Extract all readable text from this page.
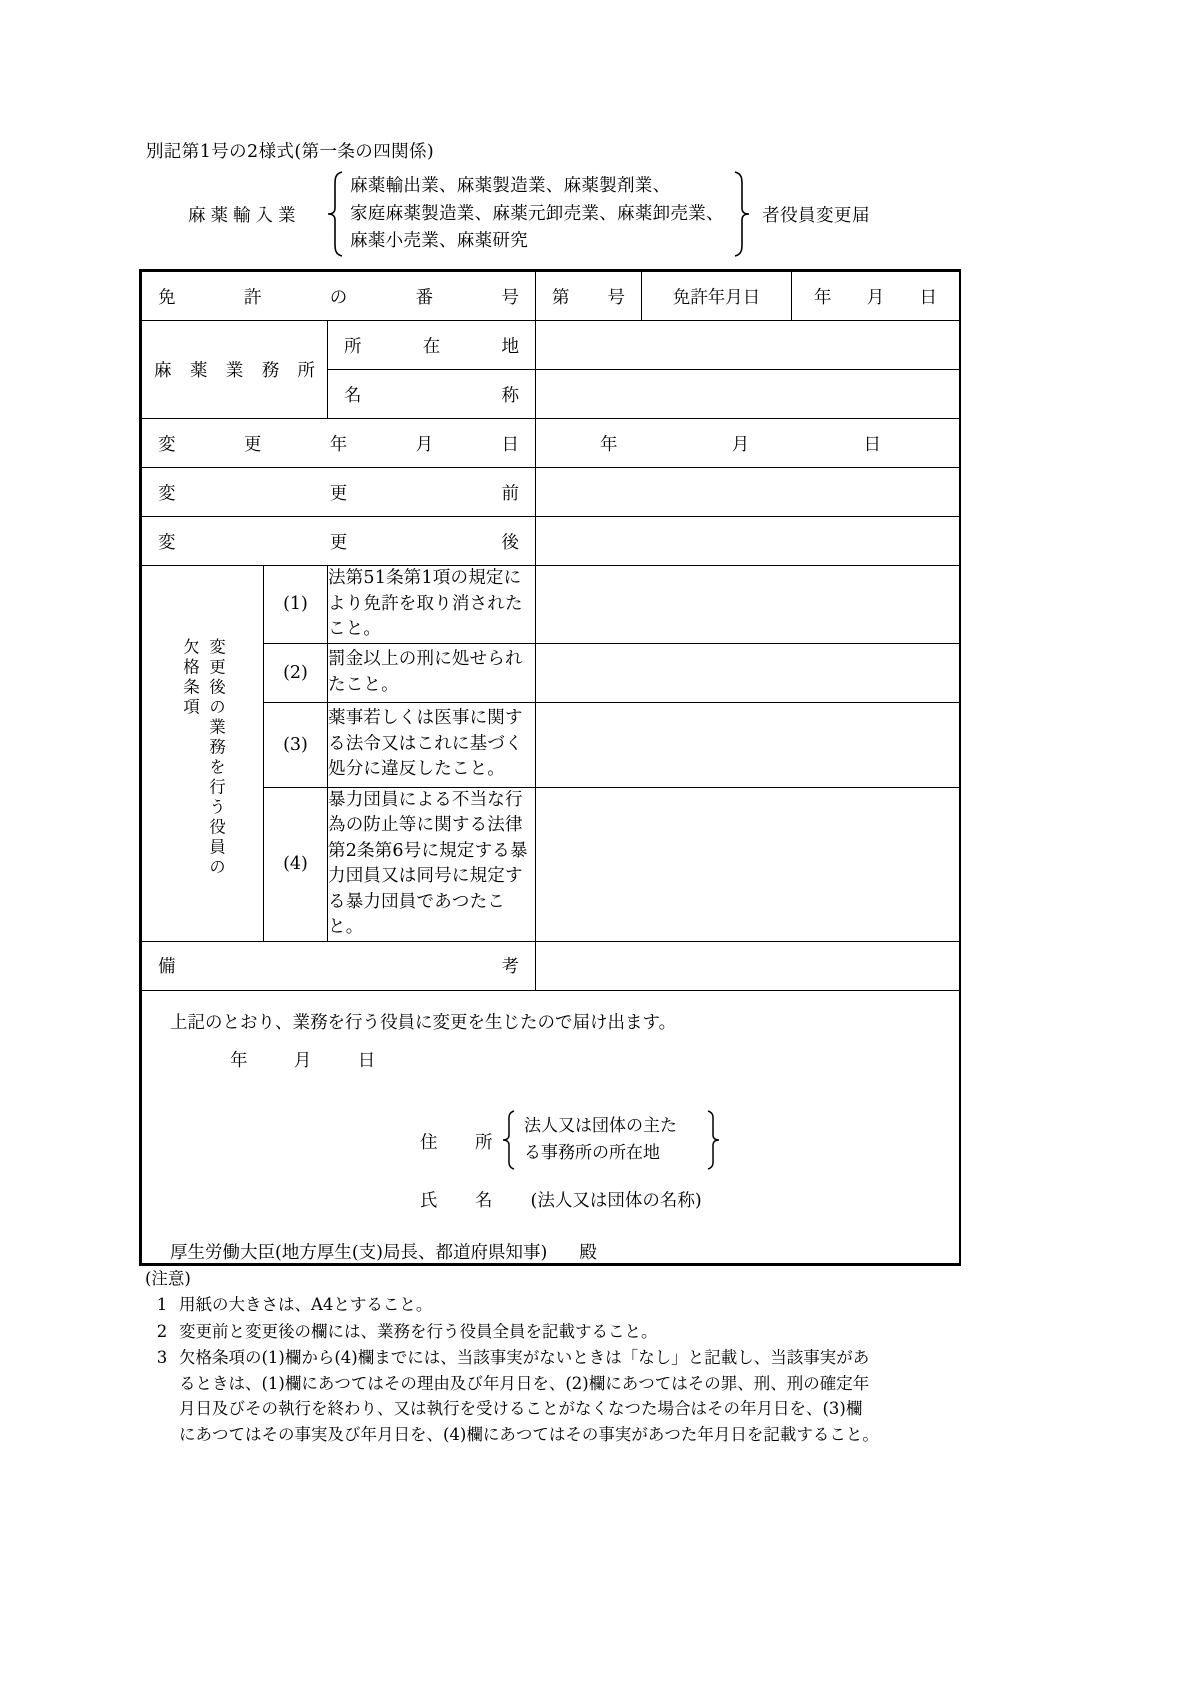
別記第1号の2様式(第一条の四関係)
麻薬輸入業
麻薬輸出業、麻薬製造業、麻薬製剤業、
家庭麻薬製造業、麻薬元卸売業、麻薬卸売業、
麻薬小売業、麻薬研究
者役員変更届
免 許 の 番 号			第 号	免許年月日	年 月 日

麻 薬 業 務 所		所 在 地			

		名 称			

変 更 年 月 日			年 月 日		

変 更 前					

変 更 後					

変更後の業務を行う役員の
欠格条項	(1)	法第51条第1項の規定により免許を取り消されたこと。			
	(2)	罰金以上の刑に処せられたこと。			
	(3)	薬事若しくは医事に関する法令又はこれに基づく処分に違反したこと。			
	(4)	暴力団員による不当な行為の防止等に関する法律第2条第6号に規定する暴力団員又は同号に規定する暴力団員であつたこと。			

備 考					

上記のとおり、業務を行う役員に変更を生じたので届け出ます。
年	月	日
住　所
法人又は団体の主た
る事務所の所在地
氏　名 (法人又は団体の名称)
厚生労働大臣(地方厚生(支)局長、都道府県知事) 殿
(注意)
1 用紙の大きさは、A4とすること。

2 変更前と変更後の欄には、業務を行う役員全員を記載すること。

3 欠格条項の(1)欄から(4)欄までには、当該事実がないときは「なし」と記載し、当該事実があ

るときは、(1)欄にあつてはその理由及び年月日を、(2)欄にあつてはその罪、刑、刑の確定年

月日及びその執行を終わり、又は執行を受けることがなくなつた場合はその年月日を、(3)欄

にあつてはその事実及び年月日を、(4)欄にあつてはその事実があつた年月日を記載すること。
